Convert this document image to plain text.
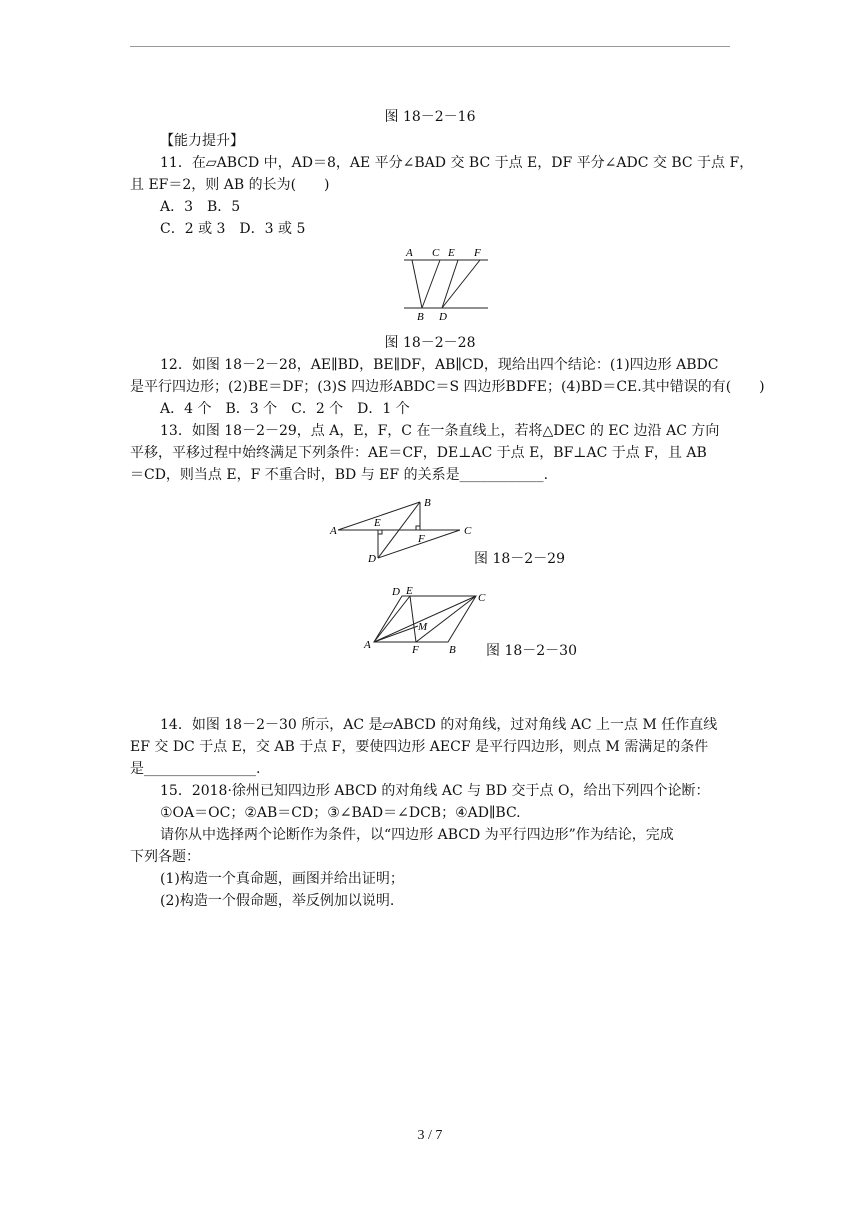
图 18－2－16
【能力提升】
11．在▱ABCD 中，AD＝8，AE 平分∠BAD 交 BC 于点 E，DF 平分∠ADC 交 BC 于点 F，
且 EF＝2，则 AB 的长为(　　)
A．3　B．5
C．2 或 3　D．3 或 5
A C E F
B D
图 18－2－28
12．如图 18－2－28，AE∥BD，BE∥DF，AB∥CD，现给出四个结论：(1)四边形 ABDC
是平行四边形；(2)BE＝DF；(3)S 四边形ABDC＝S 四边形BDFE；(4)BD＝CE.其中错误的有(　　)
A．4 个　B．3 个　C．2 个　D．1 个
13．如图 18－2－29，点 A，E，F，C 在一条直线上，若将△DEC 的 EC 边沿 AC 方向
平移，平移过程中始终满足下列条件：AE＝CF，DE⊥AC 于点 E，BF⊥AC 于点 F，且 AB
＝CD，则当点 E，F 不重合时，BD 与 EF 的关系是____________.
A
E
B
F
C
D	图 18－2－29
D E
C
M
A	F	B 图 18－2－30
14．如图 18－2－30 所示，AC 是▱ABCD 的对角线，过对角线 AC 上一点 M 任作直线
EF 交 DC 于点 E，交 AB 于点 F，要使四边形 AECF 是平行四边形，则点 M 需满足的条件
是________________.
15．2018·徐州已知四边形 ABCD 的对角线 AC 与 BD 交于点 O，给出下列四个论断：
①OA＝OC；②AB＝CD；③∠BAD＝∠DCB；④AD∥BC.
请你从中选择两个论断作为条件，以“四边形 ABCD 为平行四边形”作为结论，完成
下列各题：
(1)构造一个真命题，画图并给出证明；
(2)构造一个假命题，举反例加以说明.
3 / 7
